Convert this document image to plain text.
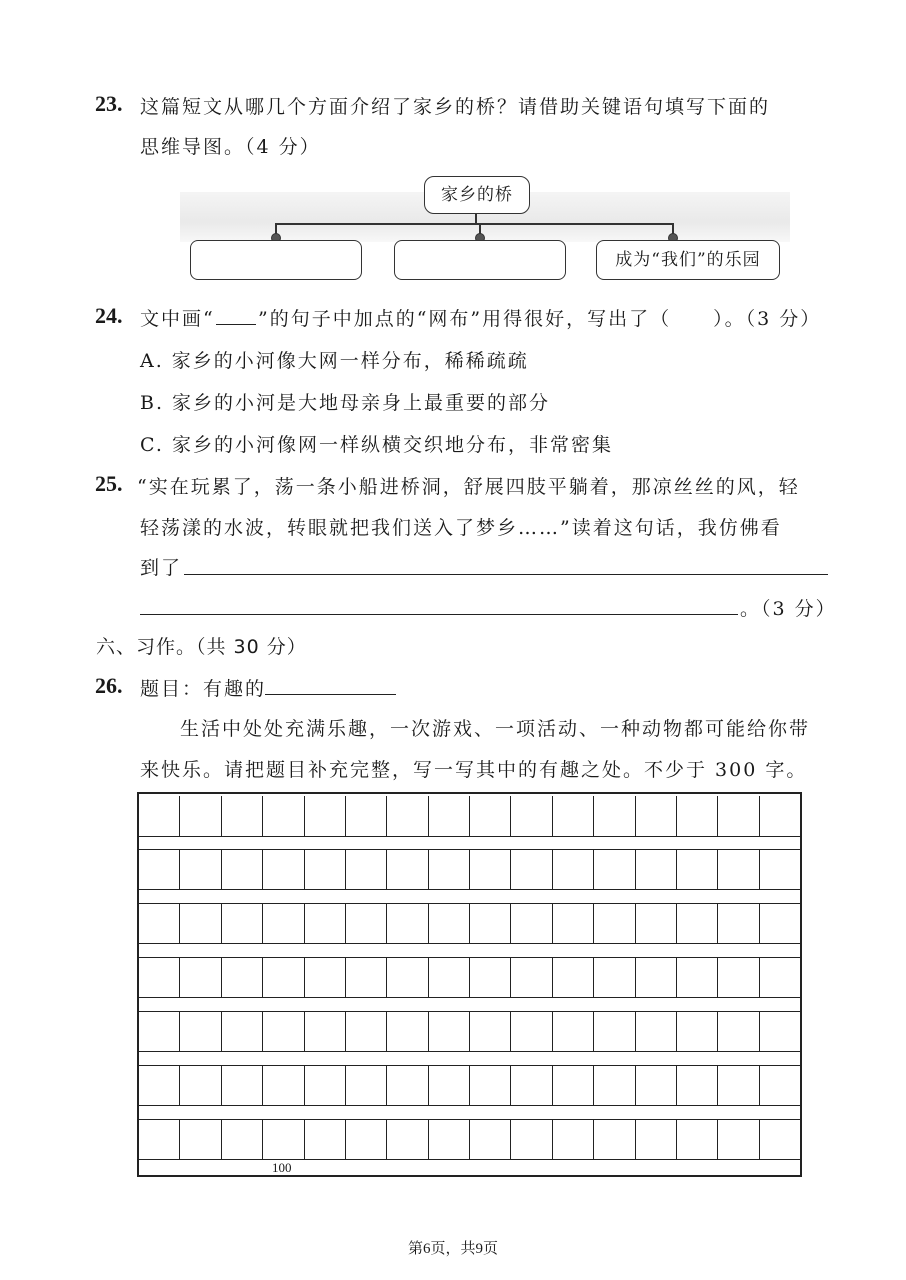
23. 这篇短文从哪几个方面介绍了家乡的桥？请借助关键语句填写下面的
思维导图。（4 分）
家乡的桥
成为“我们”的乐园
24. 文中画“ ”的句子中加点的“网布”用得很好，写出了（　　）。（3 分）
A. 家乡的小河像大网一样分布，稀稀疏疏
B. 家乡的小河是大地母亲身上最重要的部分
C. 家乡的小河像网一样纵横交织地分布，非常密集
25. “实在玩累了，荡一条小船进桥洞，舒展四肢平躺着，那凉丝丝的风，轻
轻荡漾的水波，转眼就把我们送入了梦乡……”读着这句话，我仿佛看
到了
。（3 分）
六、习作。（共 30 分）
26. 题目：有趣的
生活中处处充满乐趣，一次游戏、一项活动、一种动物都可能给你带
来快乐。请把题目补充完整，写一写其中的有趣之处。不少于 300 字。
100
第6页，共9页
